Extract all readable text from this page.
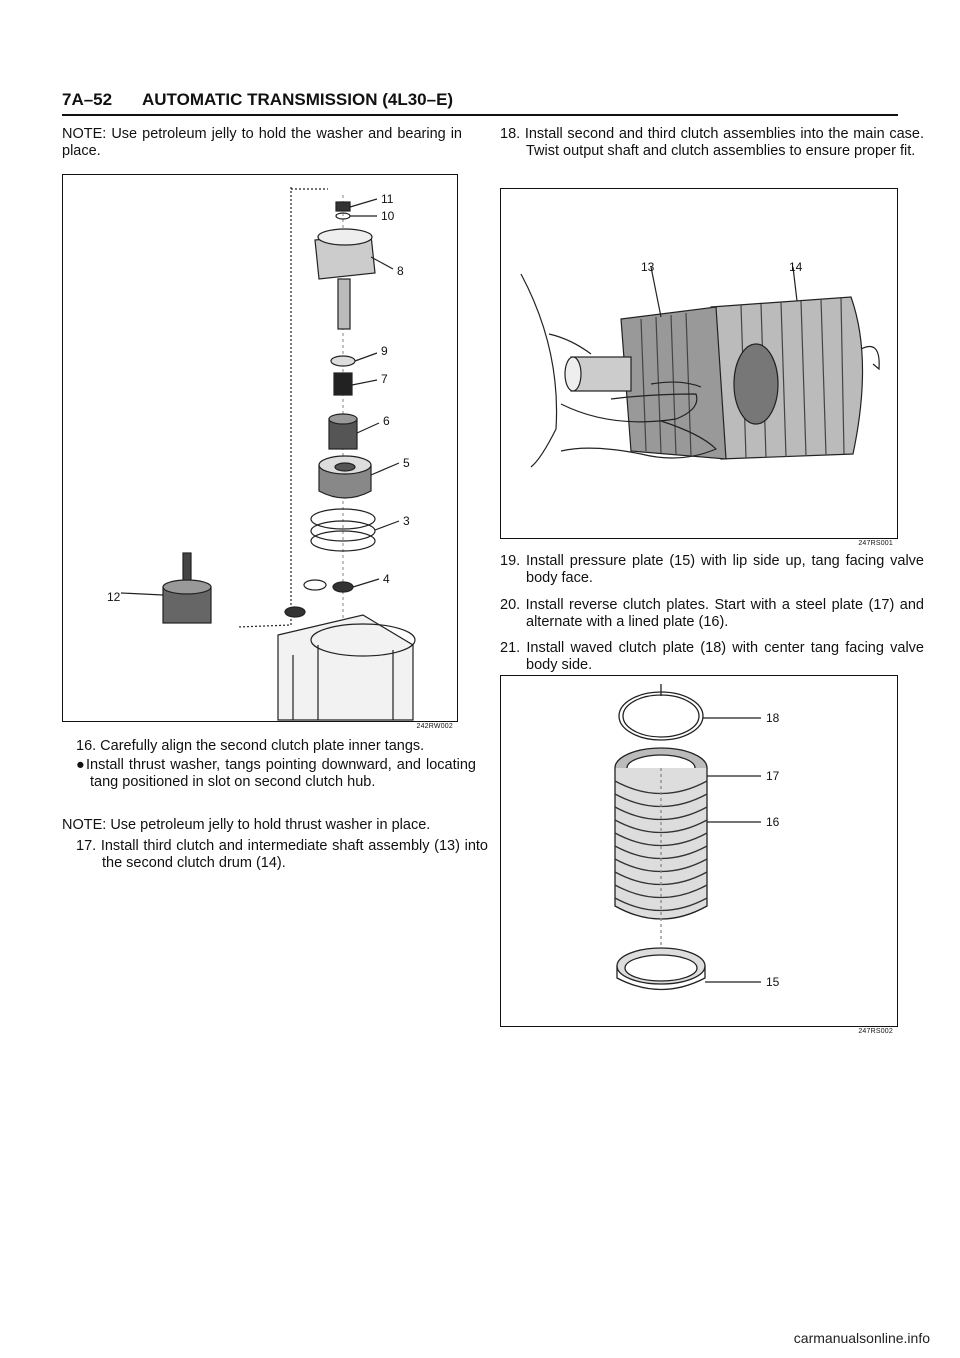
7A–52 AUTOMATIC TRANSMISSION (4L30–E)
NOTE: Use petroleum jelly to hold the washer and bearing in place.
11
10
8
9
7
6
5
3
4
12
242RW002
16. Carefully align the second clutch plate inner tangs.
●Install thrust washer, tangs pointing downward, and locating tang positioned in slot on second clutch hub.
NOTE: Use petroleum jelly to hold thrust washer in place.
17. Install third clutch and intermediate shaft assembly (13) into the second clutch drum (14).
18. Install second and third clutch assemblies into the main case. Twist output shaft and clutch assemblies to ensure proper fit.
13	14
247RS001
19. Install pressure plate (15) with lip side up, tang facing valve body face.
20. Install reverse clutch plates. Start with a steel plate (17) and alternate with a lined plate (16).
21. Install waved clutch plate (18) with center tang facing valve body side.
18
17
16
15
247RS002
carmanualsonline.info
